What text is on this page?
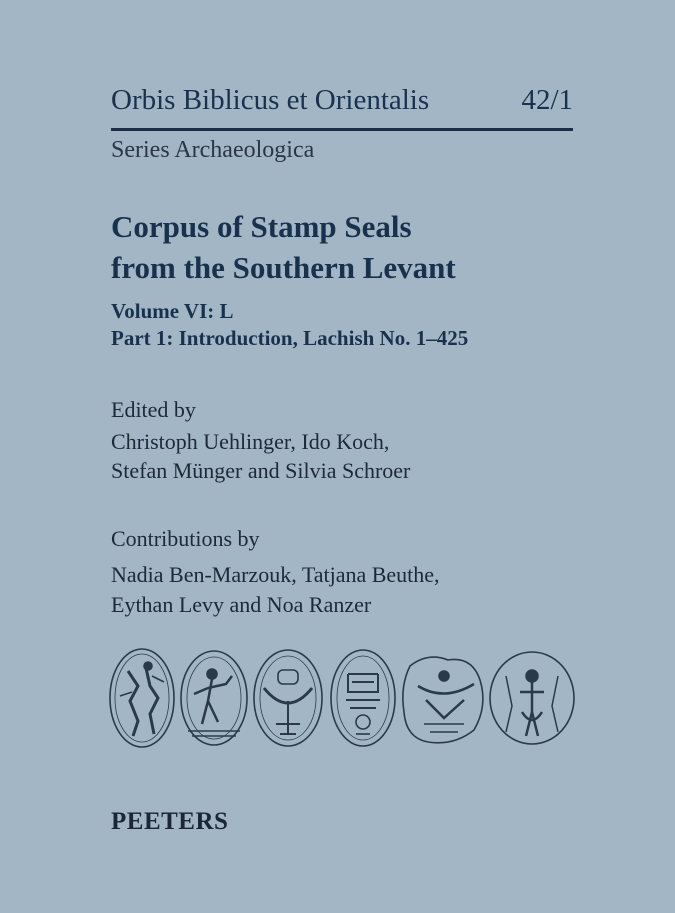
Orbis Biblicus et Orientalis	42/1
Series Archaeologica
Corpus of Stamp Seals
from the Southern Levant
Volume VI: L
Part 1: Introduction, Lachish No. 1–425
Edited by
Christoph Uehlinger, Ido Koch,
Stefan Münger and Silvia Schroer
Contributions by
Nadia Ben-Marzouk, Tatjana Beuthe,
Eythan Levy and Noa Ranzer
PEETERS
